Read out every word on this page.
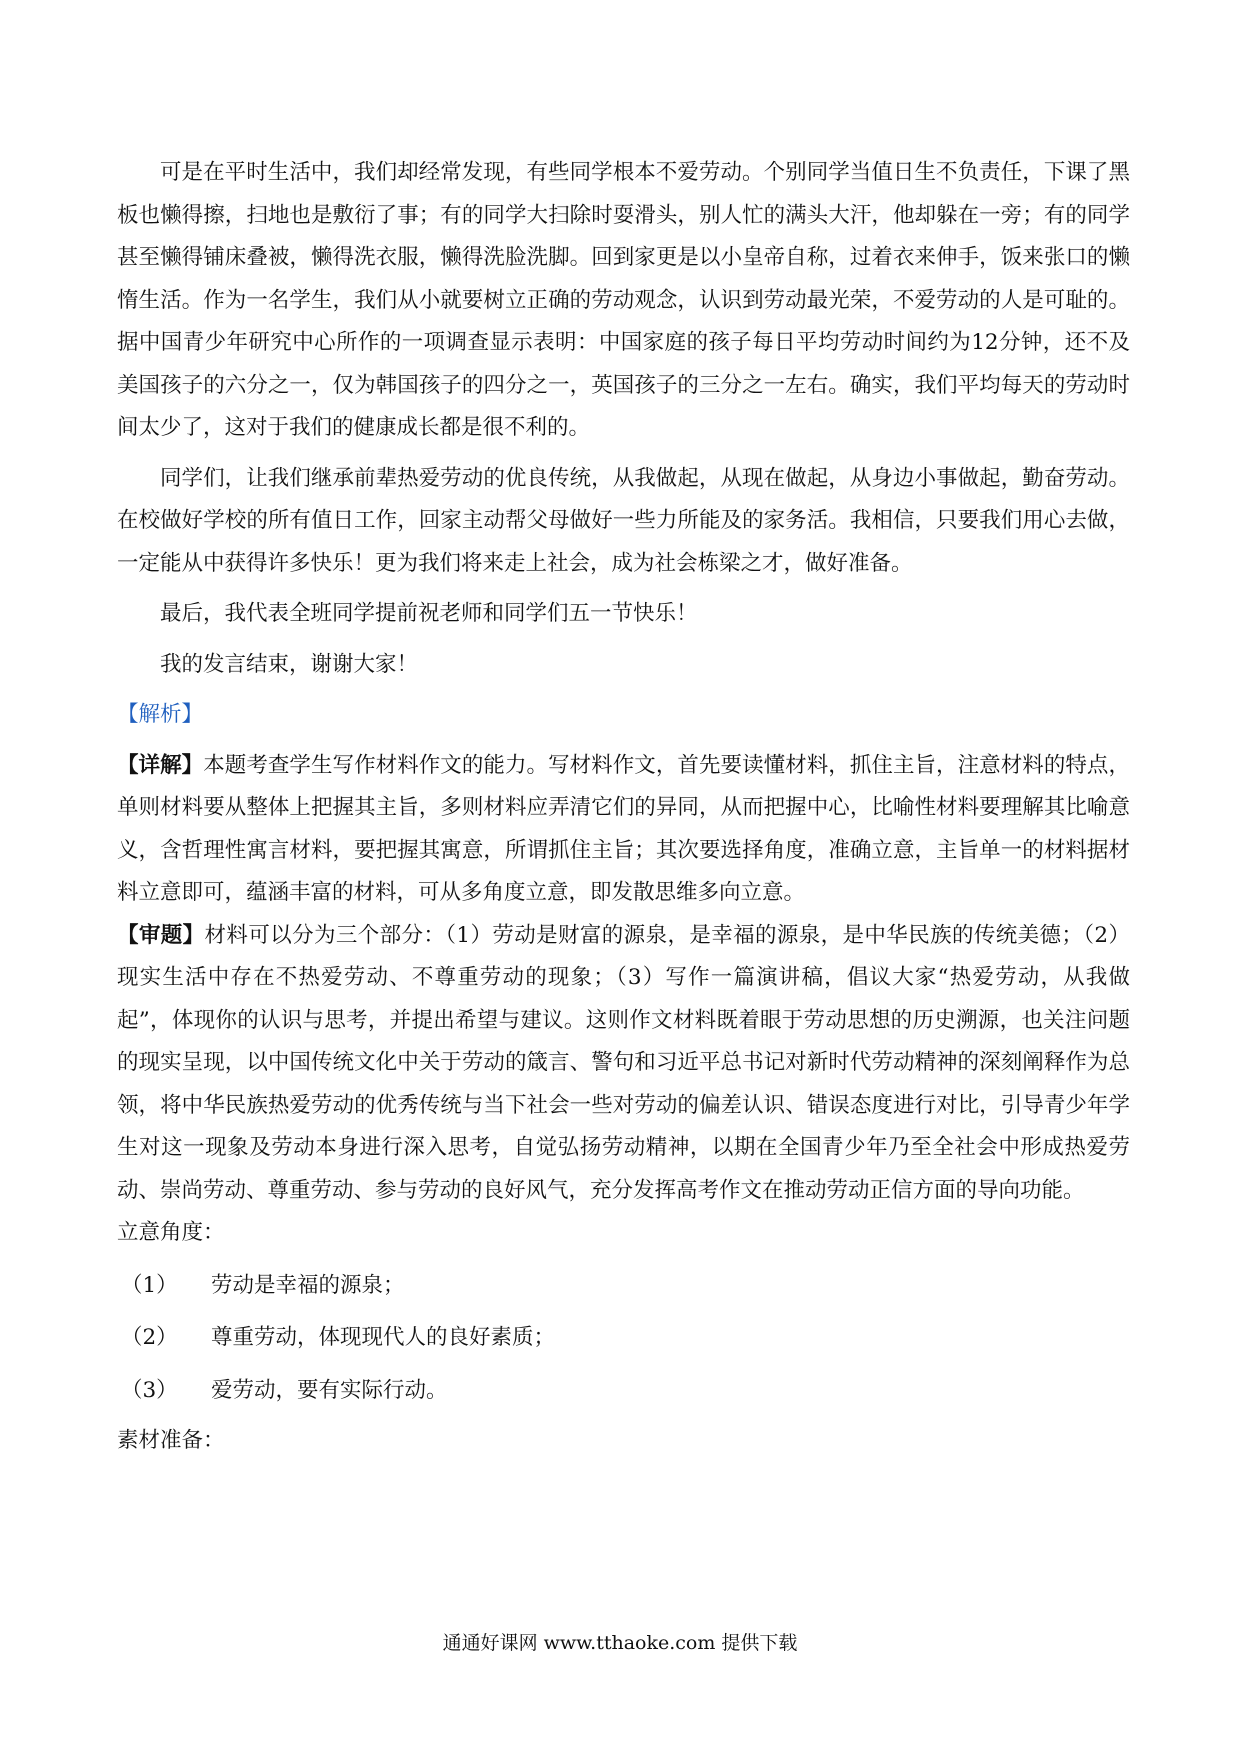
可是在平时生活中，我们却经常发现，有些同学根本不爱劳动。个别同学当值日生不负责任，下课了黑板也懒得擦，扫地也是敷衍了事；有的同学大扫除时耍滑头，别人忙的满头大汗，他却躲在一旁；有的同学甚至懒得铺床叠被，懒得洗衣服，懒得洗脸洗脚。回到家更是以小皇帝自称，过着衣来伸手，饭来张口的懒惰生活。作为一名学生，我们从小就要树立正确的劳动观念，认识到劳动最光荣，不爱劳动的人是可耻的。据中国青少年研究中心所作的一项调查显示表明：中国家庭的孩子每日平均劳动时间约为12分钟，还不及美国孩子的六分之一，仅为韩国孩子的四分之一，英国孩子的三分之一左右。确实，我们平均每天的劳动时间太少了，这对于我们的健康成长都是很不利的。

同学们，让我们继承前辈热爱劳动的优良传统，从我做起，从现在做起，从身边小事做起，勤奋劳动。在校做好学校的所有值日工作，回家主动帮父母做好一些力所能及的家务活。我相信，只要我们用心去做，一定能从中获得许多快乐！更为我们将来走上社会，成为社会栋梁之才，做好准备。

最后，我代表全班同学提前祝老师和同学们五一节快乐！

我的发言结束，谢谢大家！

【解析】

【详解】本题考查学生写作材料作文的能力。写材料作文，首先要读懂材料，抓住主旨，注意材料的特点，单则材料要从整体上把握其主旨，多则材料应弄清它们的异同，从而把握中心，比喻性材料要理解其比喻意义，含哲理性寓言材料，要把握其寓意，所谓抓住主旨；其次要选择角度，准确立意，主旨单一的材料据材料立意即可，蕴涵丰富的材料，可从多角度立意，即发散思维多向立意。

【审题】材料可以分为三个部分：（1）劳动是财富的源泉，是幸福的源泉，是中华民族的传统美德；（2）现实生活中存在不热爱劳动、不尊重劳动的现象；（3）写作一篇演讲稿，倡议大家“热爱劳动，从我做起”，体现你的认识与思考，并提出希望与建议。这则作文材料既着眼于劳动思想的历史溯源，也关注问题的现实呈现，以中国传统文化中关于劳动的箴言、警句和习近平总书记对新时代劳动精神的深刻阐释作为总领，将中华民族热爱劳动的优秀传统与当下社会一些对劳动的偏差认识、错误态度进行对比，引导青少年学生对这一现象及劳动本身进行深入思考，自觉弘扬劳动精神，以期在全国青少年乃至全社会中形成热爱劳动、崇尚劳动、尊重劳动、参与劳动的良好风气，充分发挥高考作文在推动劳动正信方面的导向功能。

立意角度：

（1）	劳动是幸福的源泉；

（2）	尊重劳动，体现现代人的良好素质；

（3）	爱劳动，要有实际行动。

素材准备：

通通好课网 www.tthaoke.com 提供下载
